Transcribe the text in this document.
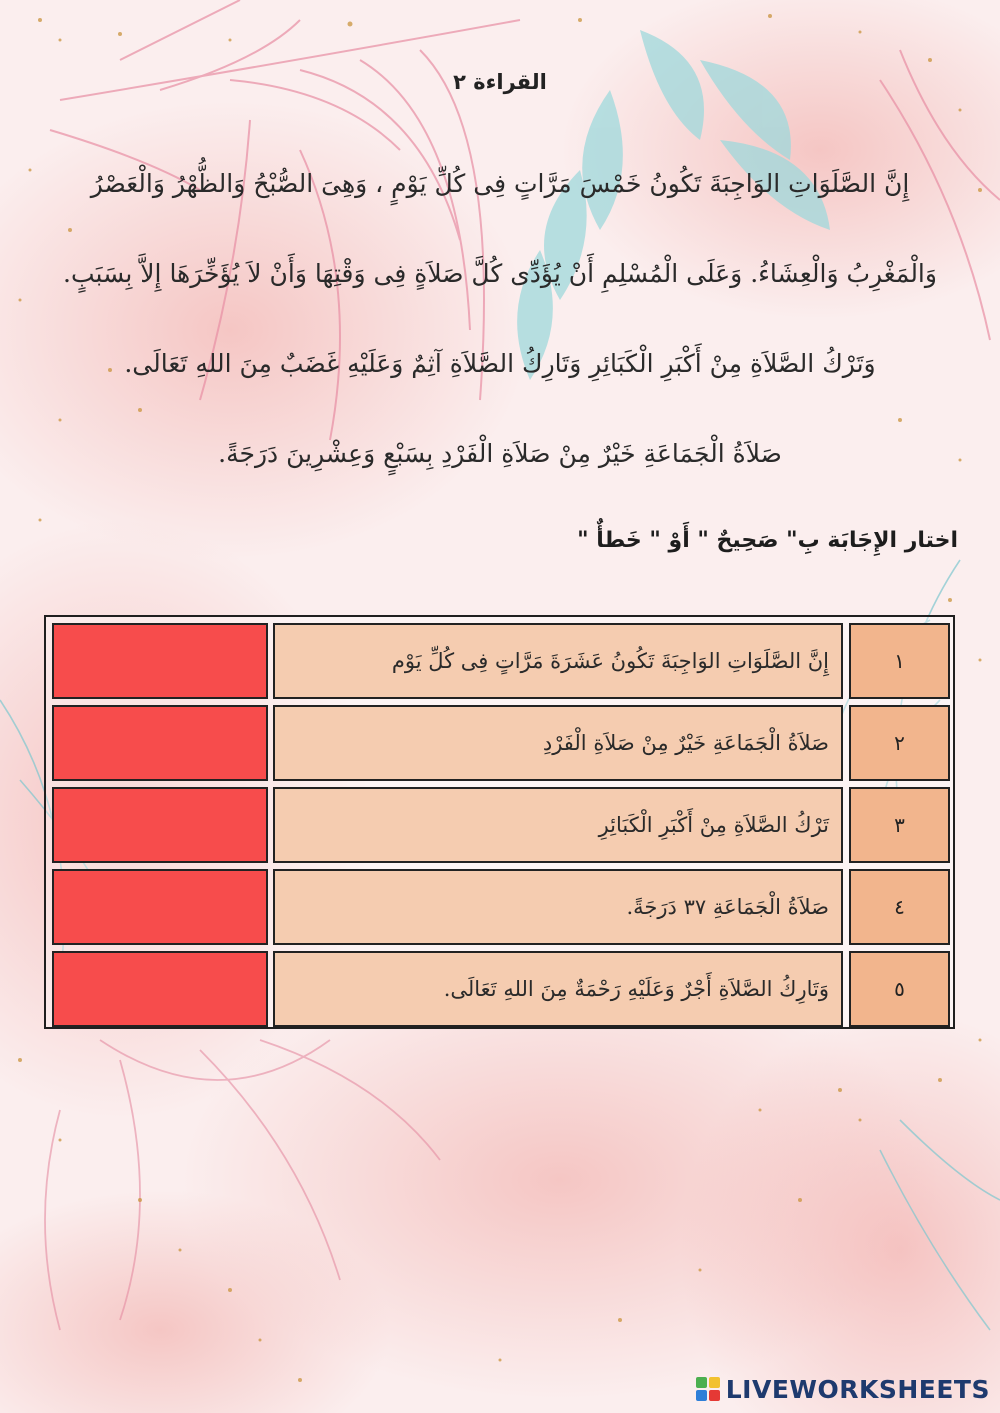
القراءة ٢
إِنَّ الصَّلَوَاتِ الوَاجِبَةَ تَكُونُ خَمْسَ مَرَّاتٍ فِى كُلِّ يَوْمٍ ، وَهِىَ الصُّبْحُ وَالظُّهْرُ وَالْعَصْرُ
وَالْمَغْرِبُ وَالْعِشَاءُ. وَعَلَى الْمُسْلِمِ أَنْ يُؤَدِّى كُلَّ صَلاَةٍ فِى وَقْتِهَا وَأَنْ لاَ يُؤَخِّرَهَا إِلاَّ بِسَبَبٍ.
وَتَرْكُ الصَّلاَةِ مِنْ أَكْبَرِ الْكَبَائِرِ وَتَارِكُ الصَّلاَةِ آثِمٌ وَعَلَيْهِ غَضَبٌ مِنَ اللهِ تَعَالَى.
صَلاَةُ الْجَمَاعَةِ خَيْرٌ مِنْ صَلاَةِ الْفَرْدِ بِسَبْعٍ وَعِشْرِينَ دَرَجَةً.
اختار الإِجَابَة بِ" صَحِيحٌ " أَوْ " خَطأٌ "
١
إِنَّ الصَّلَوَاتِ الوَاجِبَةَ تَكُونُ عَشَرَةَ مَرَّاتٍ فِى كُلِّ يَوْم
٢
صَلاَةُ الْجَمَاعَةِ خَيْرٌ مِنْ صَلاَةِ الْفَرْدِ
٣
تَرْكُ الصَّلاَةِ مِنْ أَكْبَرِ الْكَبَائِرِ
٤
صَلاَةُ الْجَمَاعَةِ ٣٧ دَرَجَةً.
٥
وَتَارِكُ الصَّلاَةِ أَجْرٌ وَعَلَيْهِ رَحْمَةٌ مِنَ اللهِ تَعَالَى.
LIVEWORKSHEETS
